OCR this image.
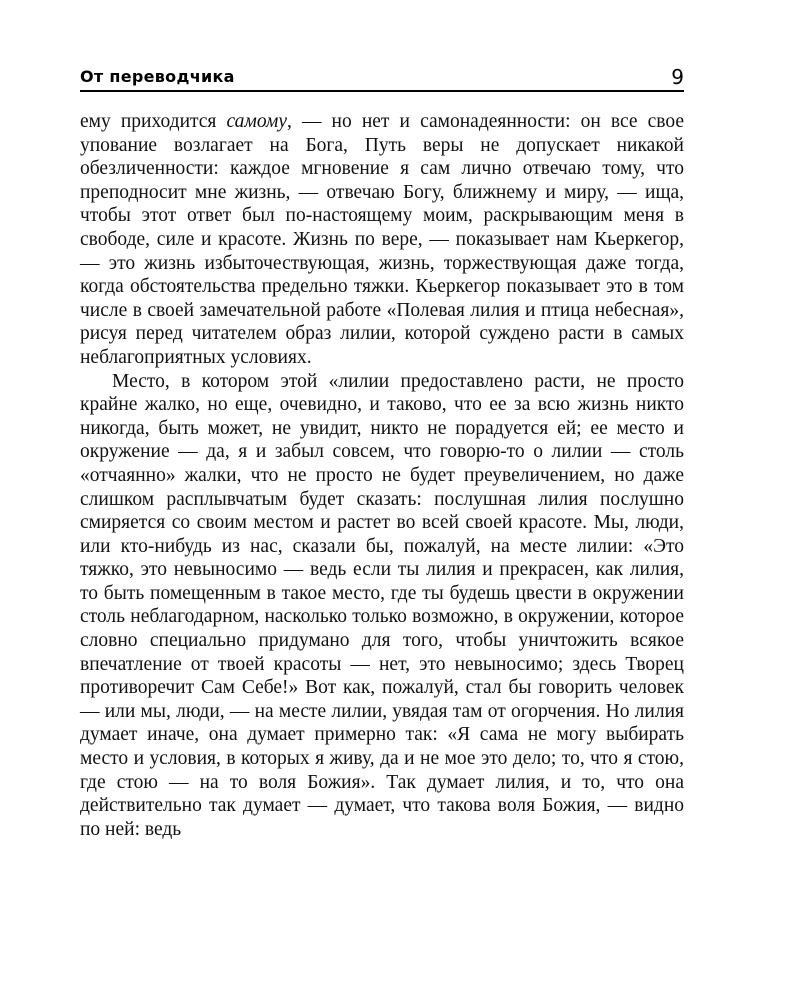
От переводчика	9

ему приходится самому, — но нет и самонадеянности: он все свое упование возлагает на Бога, Путь веры не допускает никакой обезличенности: каждое мгновение я сам лично отвечаю тому, что преподносит мне жизнь, — отвечаю Богу, ближнему и миру, — ища, чтобы этот ответ был по-настоящему моим, раскрывающим меня в свободе, силе и красоте. Жизнь по вере, — показывает нам Кьеркегор, — это жизнь избыточествующая, жизнь, торжествующая даже тогда, когда обстоятельства предельно тяжки. Кьеркегор показывает это в том числе в своей замечательной работе «Полевая лилия и птица небесная», рисуя перед читателем образ лилии, которой суждено расти в самых неблагоприятных условиях.

Место, в котором этой «лилии предоставлено расти, не просто крайне жалко, но еще, очевидно, и таково, что ее за всю жизнь никто никогда, быть может, не увидит, никто не порадуется ей; ее место и окружение — да, я и забыл совсем, что говорю-то о лилии — столь «отчаянно» жалки, что не просто не будет преувеличением, но даже слишком расплывчатым будет сказать: послушная лилия послушно смиряется со своим местом и растет во всей своей красоте. Мы, люди, или кто-нибудь из нас, сказали бы, пожалуй, на месте лилии: «Это тяжко, это невыносимо — ведь если ты лилия и прекрасен, как лилия, то быть помещенным в такое место, где ты будешь цвести в окружении столь неблагодарном, насколько только возможно, в окружении, которое словно специально придумано для того, чтобы уничтожить всякое впечатление от твоей красоты — нет, это невыносимо; здесь Творец противоречит Сам Себе!» Вот как, пожалуй, стал бы говорить человек — или мы, люди, — на месте лилии, увядая там от огорчения. Но лилия думает иначе, она думает примерно так: «Я сама не могу выбирать место и условия, в которых я живу, да и не мое это дело; то, что я стою, где стою — на то воля Божия». Так думает лилия, и то, что она действительно так думает — думает, что такова воля Божия, — видно по ней: ведь
